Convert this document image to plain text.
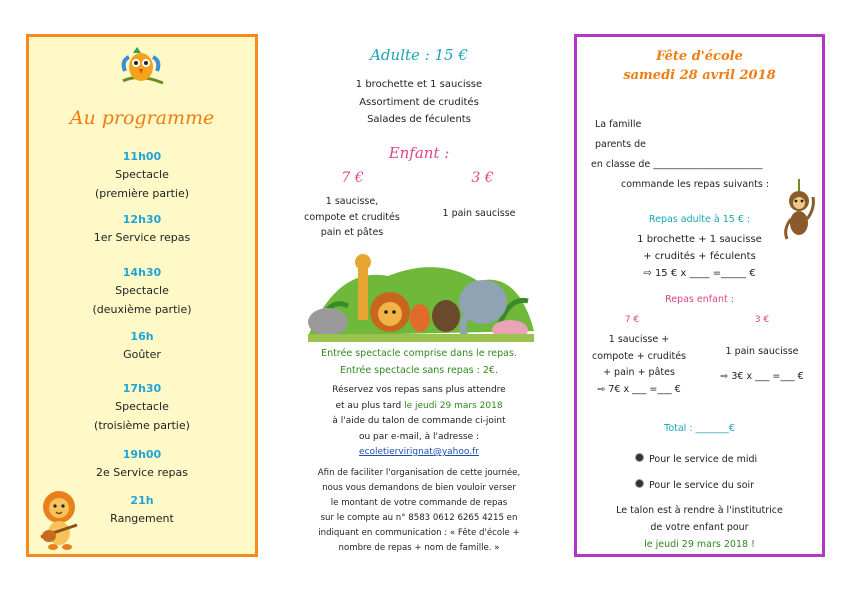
Au programme
11h00
Spectacle
(première partie)
12h30
1er Service repas
14h30
Spectacle
(deuxième partie)
16h
Goûter
17h30
Spectacle
(troisième partie)
19h00
2e Service repas
21h
Rangement
Adulte : 15 €
1 brochette et 1 saucisse
Assortiment de crudités
Salades de féculents
Enfant :
7 €	3 €
1 saucisse,
compote et crudités
pain et pâtes
1 pain saucisse
Entrée spectacle comprise dans le repas.
Entrée spectacle sans repas : 2€.
Réservez vos repas sans plus attendre
et au plus tard le jeudi 29 mars 2018
à l'aide du talon de commande ci-joint
ou par e-mail, à l'adresse :
ecoletiervirignat@yahoo.fr
Afin de faciliter l'organisation de cette journée,
nous vous demandons de bien vouloir verser
le montant de votre commande de repas
sur le compte au n° 8583 0612 6265 4215 en
indiquant en communication : « Fête d'école +
nombre de repas + nom de famille. »
Fête d'école
samedi 28 avril 2018
La famille
parents de
en classe de _______________________
commande les repas suivants :
Repas adulte à 15 € :
1 brochette + 1 saucisse
+ crudités + féculents
⇨ 15 € x ____ =_____ €
Repas enfant :
7 €	3 €
1 saucisse +
compote + crudités
+ pain + pâtes
⇨ 7€ x ___ =___ €
1 pain saucisse
⇨ 3€ x ___ =___ €
Total : _______€
Pour le service de midi
Pour le service du soir
Le talon est à rendre à l'institutrice
de votre enfant pour
le jeudi 29 mars 2018 !
